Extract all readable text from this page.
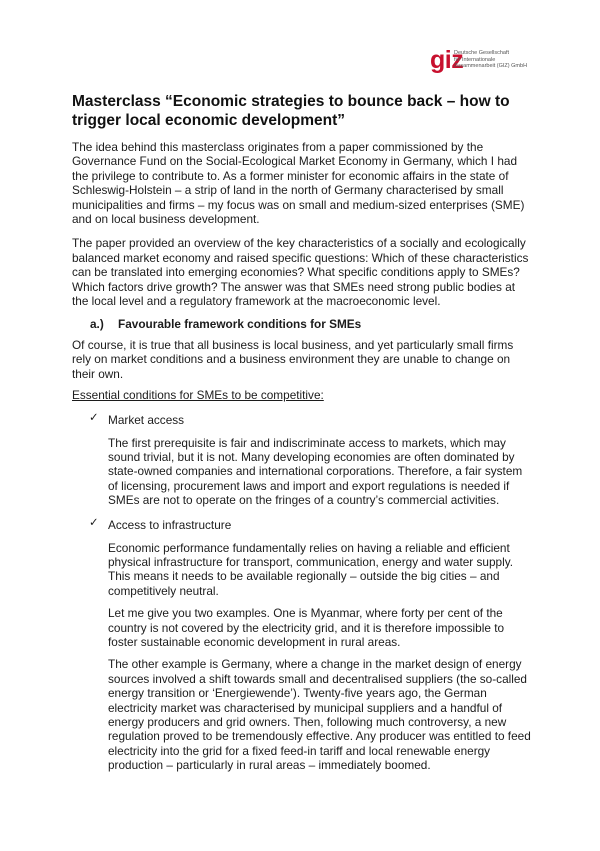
giz
Deutsche Gesellschaft
für Internationale
Zusammenarbeit (GIZ) GmbH
Masterclass “Economic strategies to bounce back – how to trigger local economic development”

The idea behind this masterclass originates from a paper commissioned by the Governance Fund on the Social-Ecological Market Economy in Germany, which I had the privilege to contribute to. As a former minister for economic affairs in the state of Schleswig-Holstein – a strip of land in the north of Germany characterised by small municipalities and firms – my focus was on small and medium-sized enterprises (SME) and on local business development.

The paper provided an overview of the key characteristics of a socially and ecologically balanced market economy and raised specific questions: Which of these characteristics can be translated into emerging economies? What specific conditions apply to SMEs? Which factors drive growth? The answer was that SMEs need strong public bodies at the local level and a regulatory framework at the macroeconomic level.

a.) Favourable framework conditions for SMEs

Of course, it is true that all business is local business, and yet particularly small firms rely on market conditions and a business environment they are unable to change on their own.

Essential conditions for SMEs to be competitive:
✓ Market access

The first prerequisite is fair and indiscriminate access to markets, which may sound trivial, but it is not. Many developing economies are often dominated by state-owned companies and international corporations. Therefore, a fair system of licensing, procurement laws and import and export regulations is needed if SMEs are not to operate on the fringes of a country’s commercial activities.

✓ Access to infrastructure

Economic performance fundamentally relies on having a reliable and efficient physical infrastructure for transport, communication, energy and water supply. This means it needs to be available regionally – outside the big cities – and competitively neutral.

Let me give you two examples. One is Myanmar, where forty per cent of the country is not covered by the electricity grid, and it is therefore impossible to foster sustainable economic development in rural areas.

The other example is Germany, where a change in the market design of energy sources involved a shift towards small and decentralised suppliers (the so-called energy transition or ‘Energiewende’). Twenty-five years ago, the German electricity market was characterised by municipal suppliers and a handful of energy producers and grid owners. Then, following much controversy, a new regulation proved to be tremendously effective. Any producer was entitled to feed electricity into the grid for a fixed feed-in tariff and local renewable energy production – particularly in rural areas – immediately boomed.
